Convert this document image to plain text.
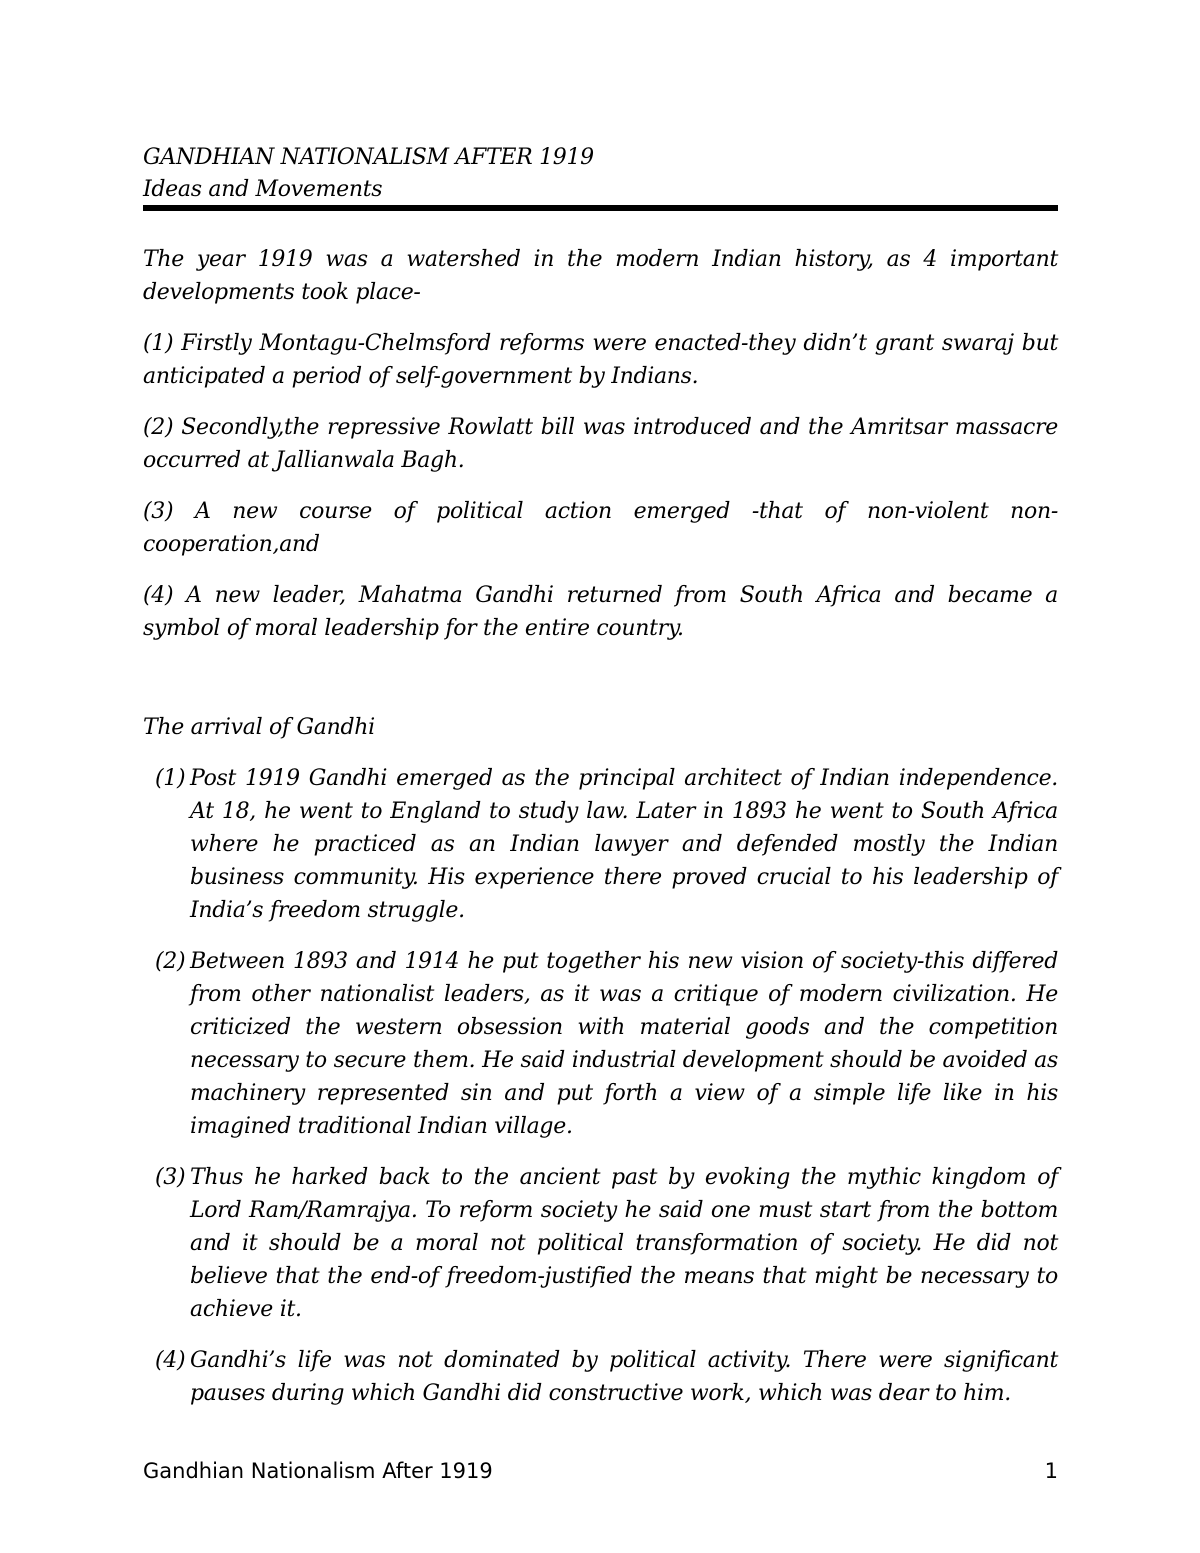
GANDHIAN NATIONALISM AFTER 1919
Ideas and Movements

The year 1919 was a watershed in the modern Indian history, as 4 important developments took place-

(1) Firstly Montagu-Chelmsford reforms were enacted-they didn’t grant swaraj but anticipated a period of self-government by Indians.

(2) Secondly,the repressive Rowlatt bill was introduced and the Amritsar massacre occurred at Jallianwala Bagh.

(3) A new course of political action emerged -that of non-violent non-cooperation,and

(4) A new leader, Mahatma Gandhi returned from South Africa and became a symbol of moral leadership for the entire country.

The arrival of Gandhi
(1) Post 1919 Gandhi emerged as the principal architect of Indian independence. At 18, he went to England to study law. Later in 1893 he went to South Africa where he practiced as an Indian lawyer and defended mostly the Indian business community. His experience there proved crucial to his leadership of India’s freedom struggle.
(2) Between 1893 and 1914 he put together his new vision of society-this differed from other nationalist leaders, as it was a critique of modern civilization. He criticized the western obsession with material goods and the competition necessary to secure them. He said industrial development should be avoided as machinery represented sin and put forth a view of a simple life like in his imagined traditional Indian village.
(3) Thus he harked back to the ancient past by evoking the mythic kingdom of Lord Ram/Ramrajya. To reform society he said one must start from the bottom and it should be a moral not political transformation of society. He did not believe that the end-of freedom-justified the means that might be necessary to achieve it.
(4) Gandhi’s life was not dominated by political activity. There were significant pauses during which Gandhi did constructive work, which was dear to him.
Gandhian Nationalism After 1919	1
